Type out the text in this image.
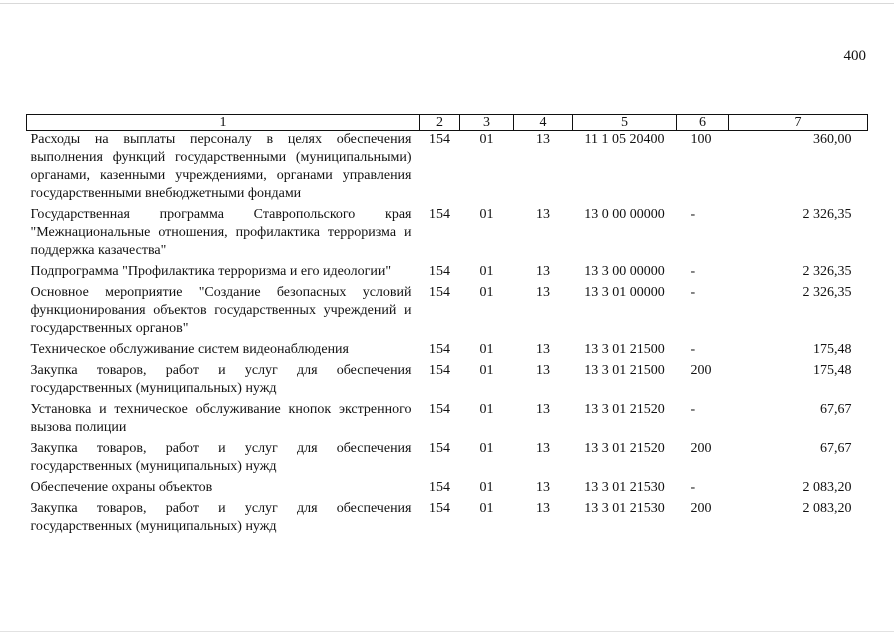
400
1	2	3	4	5	6	7
Расходы на выплаты персоналу в целях обеспечения выполнения функций государственными (муниципальными) органами, казенными учреждениями, органами управления государственными внебюджетными фондами	154	01	13	11 1 05 20400	100	360,00
Государственная программа Ставропольского края "Межнациональные отношения, профилактика терроризма и поддержка казачества"	154	01	13	13 0 00 00000	-	2 326,35
Подпрограмма "Профилактика терроризма и его идеологии"	154	01	13	13 3 00 00000	-	2 326,35
Основное мероприятие "Создание безопасных условий функционирования объектов государственных учреждений и государственных органов"	154	01	13	13 3 01 00000	-	2 326,35
Техническое обслуживание систем видеонаблюдения	154	01	13	13 3 01 21500	-	175,48
Закупка товаров, работ и услуг для обеспечения государственных (муниципальных) нужд	154	01	13	13 3 01 21500	200	175,48
Установка и техническое обслуживание кнопок экстренного вызова полиции	154	01	13	13 3 01 21520	-	67,67
Закупка товаров, работ и услуг для обеспечения государственных (муниципальных) нужд	154	01	13	13 3 01 21520	200	67,67
Обеспечение охраны объектов	154	01	13	13 3 01 21530	-	2 083,20
Закупка товаров, работ и услуг для обеспечения государственных (муниципальных) нужд	154	01	13	13 3 01 21530	200	2 083,20
